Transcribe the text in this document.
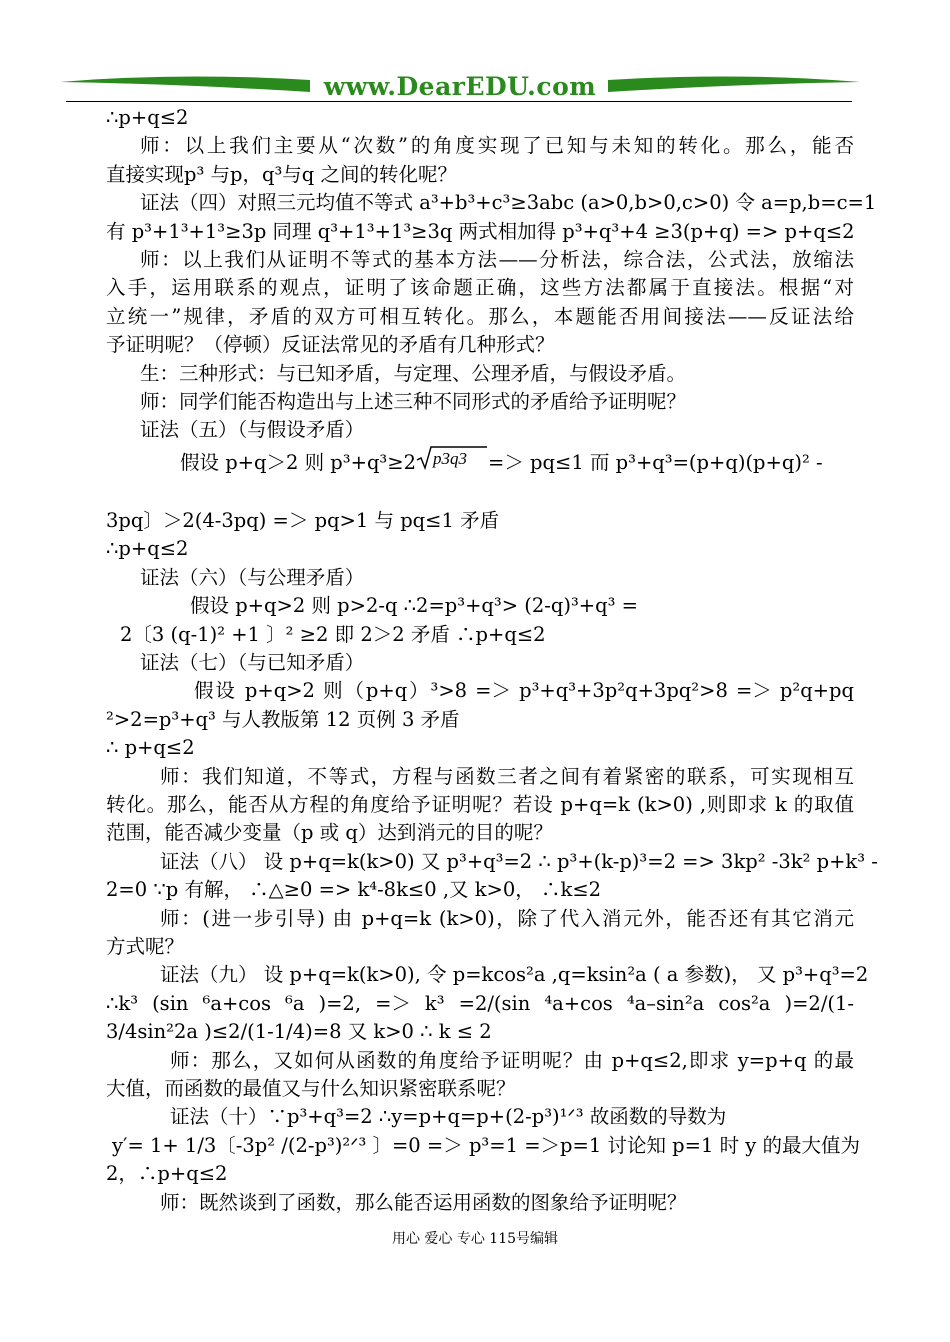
www.DearEDU.com

∴p+q≤2

师：以上我们主要从“次数”的角度实现了已知与未知的转化。那么，能否

直接实现p³ 与p，q³与q 之间的转化呢？

证法（四）对照三元均值不等式 a³+b³+c³≥3abc (a>0,b>0,c>0) 令 a=p,b=c=1

有 p³+1³+1³≥3p 同理 q³+1³+1³≥3q 两式相加得 p³+q³+4 ≥3(p+q) => p+q≤2

师：以上我们从证明不等式的基本方法——分析法，综合法，公式法，放缩法

入手，运用联系的观点，证明了该命题正确，这些方法都属于直接法。根据“对

立统一”规律，矛盾的双方可相互转化。那么，本题能否用间接法——反证法给

予证明呢？（停顿）反证法常见的矛盾有几种形式？

生：三种形式：与已知矛盾，与定理、公理矛盾，与假设矛盾。

师：同学们能否构造出与上述三种不同形式的矛盾给予证明呢？

证法（五）（与假设矛盾）

假设 p+q＞2 则 p³+q³≥2 p3q3 =＞ pq≤1 而 p³+q³=(p+q)(p+q)² -

3pq〕＞2(4-3pq) =＞ pq>1 与 pq≤1 矛盾

∴p+q≤2

证法（六）（与公理矛盾）

假设 p+q>2 则 p>2-q ∴2=p³+q³> (2-q)³+q³ =

2〔3 (q-1)² +1 〕² ≥2 即 2＞2 矛盾 ∴p+q≤2

证法（七）（与已知矛盾）

假设 p+q>2 则（p+q）³>8 =＞ p³+q³+3p²q+3pq²>8 =＞ p²q+pq

²>2=p³+q³ 与人教版第 12 页例 3 矛盾

∴ p+q≤2

师：我们知道，不等式，方程与函数三者之间有着紧密的联系，可实现相互

转化。那么，能否从方程的角度给予证明呢？若设 p+q=k (k>0) ,则即求 k 的取值

范围，能否减少变量（p 或 q）达到消元的目的呢？

证法（八） 设 p+q=k(k>0) 又 p³+q³=2 ∴ p³+(k-p)³=2 => 3kp² -3k² p+k³ -

2=0 ∵p 有解， ∴△≥0 => k⁴-8k≤0 ,又 k>0， ∴k≤2

师：(进一步引导) 由 p+q=k (k>0)，除了代入消元外，能否还有其它消元

方式呢？

证法（九） 设 p+q=k(k>0), 令 p=kcos²a ,q=ksin²a ( a 参数)， 又 p³+q³=2

∴k³ (sin ⁶a+cos ⁶a )=2, =＞ k³ =2/(sin ⁴a+cos ⁴a–sin²a cos²a )=2/(1-

3/4sin²2a )≤2/(1-1/4)=8 又 k>0 ∴ k ≤ 2

师：那么，又如何从函数的角度给予证明呢？由 p+q≤2,即求 y=p+q 的最

大值，而函数的最值又与什么知识紧密联系呢？

证法（十）∵p³+q³=2 ∴y=p+q=p+(2-p³)¹ᐟ³ 故函数的导数为

y′= 1+ 1/3〔-3p² /(2-p³)²ᐟ³ 〕=0 =＞ p³=1 =＞p=1 讨论知 p=1 时 y 的最大值为

2，∴p+q≤2

师：既然谈到了函数，那么能否运用函数的图象给予证明呢？

用心 爱心 专心 115号编辑
